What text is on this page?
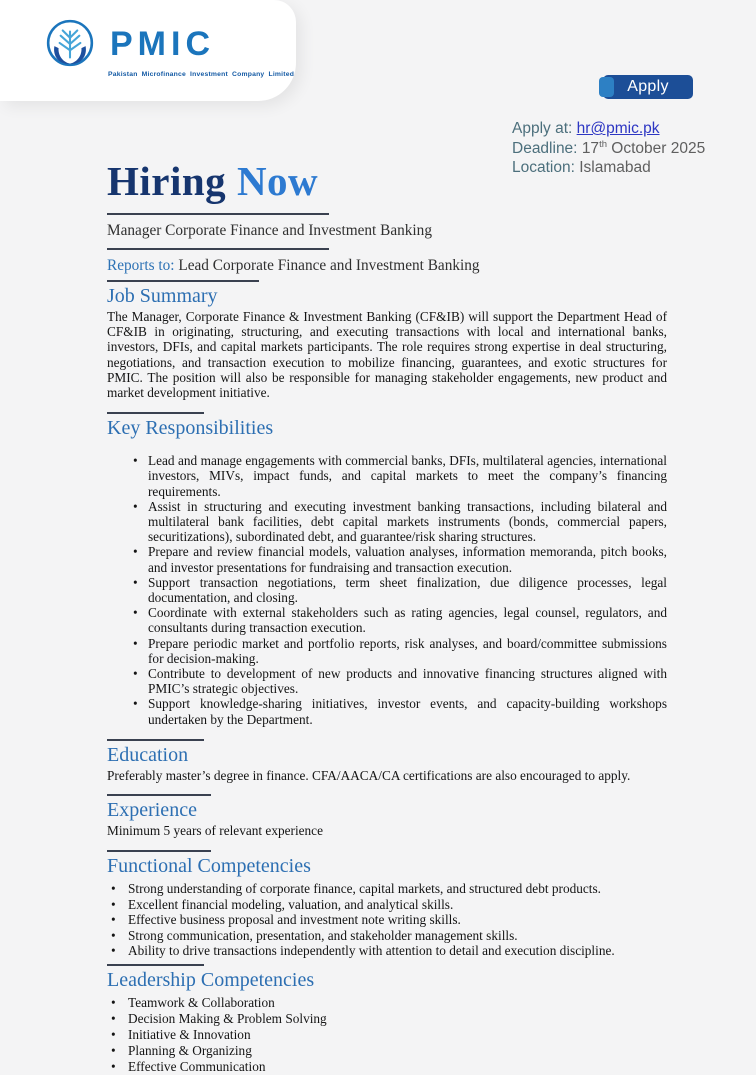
PMIC
Pakistan Microfinance Investment Company Limited
Apply
Apply at: hr@pmic.pk
Deadline: 17th October 2025
Location: Islamabad
Hiring Now
Manager Corporate Finance and Investment Banking
Reports to: Lead Corporate Finance and Investment Banking
Job Summary

The Manager, Corporate Finance & Investment Banking (CF&IB) will support the Department Head of CF&IB in originating, structuring, and executing transactions with local and international banks, investors, DFIs, and capital markets participants. The role requires strong expertise in deal structuring, negotiations, and transaction execution to mobilize financing, guarantees, and exotic structures for PMIC. The position will also be responsible for managing stakeholder engagements, new product and market development initiative.

Key Responsibilities
• Lead and manage engagements with commercial banks, DFIs, multilateral agencies, international investors, MIVs, impact funds, and capital markets to meet the company’s financing requirements.
• Assist in structuring and executing investment banking transactions, including bilateral and multilateral bank facilities, debt capital markets instruments (bonds, commercial papers, securitizations), subordinated debt, and guarantee/risk sharing structures.
• Prepare and review financial models, valuation analyses, information memoranda, pitch books, and investor presentations for fundraising and transaction execution.
• Support transaction negotiations, term sheet finalization, due diligence processes, legal documentation, and closing.
• Coordinate with external stakeholders such as rating agencies, legal counsel, regulators, and consultants during transaction execution.
• Prepare periodic market and portfolio reports, risk analyses, and board/committee submissions for decision-making.
• Contribute to development of new products and innovative financing structures aligned with PMIC’s strategic objectives.
• Support knowledge-sharing initiatives, investor events, and capacity-building workshops undertaken by the Department.
Education

Preferably master’s degree in finance. CFA/AACA/CA certifications are also encouraged to apply.

Experience

Minimum 5 years of relevant experience

Functional Competencies
• Strong understanding of corporate finance, capital markets, and structured debt products.
• Excellent financial modeling, valuation, and analytical skills.
• Effective business proposal and investment note writing skills.
• Strong communication, presentation, and stakeholder management skills.
• Ability to drive transactions independently with attention to detail and execution discipline.
Leadership Competencies
• Teamwork & Collaboration
• Decision Making & Problem Solving
• Initiative & Innovation
• Planning & Organizing
• Effective Communication
